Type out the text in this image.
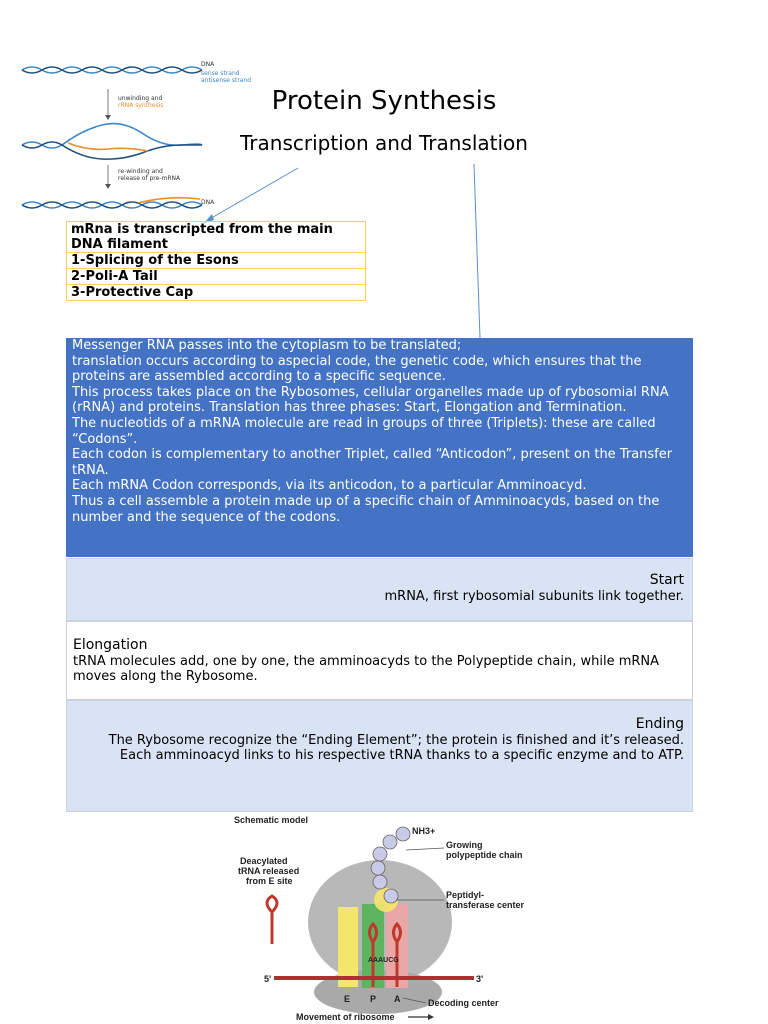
DNA
sense strand
antisense strand
unwinding and
rRNA synthesis
re-winding and
release of pre-mRNA
DNA
Protein Synthesis
Transcription and Translation
mRna is transcripted from the main DNA filament
1-Splicing of the Esons
2-Poli-A Tail
3-Protective Cap

Messenger RNA passes into the cytoplasm to be translated;

translation occurs according to aspecial code, the genetic code, which ensures that the proteins are assembled according to a specific sequence.

This process takes place on the Rybosomes, cellular organelles made up of rybosomial RNA (rRNA) and proteins. Translation has three phases: Start, Elongation and Termination.

The nucleotids of a mRNA molecule are read in groups of three (Triplets): these are called “Codons”.

Each codon is complementary to another Triplet, called “Anticodon”, present on the Transfer tRNA.

Each mRNA Codon corresponds, via its anticodon, to a particular Amminoacyd.

Thus a cell assemble a protein made up of a specific chain of Amminoacyds, based on the number and the sequence of the codons.

Start
mRNA, first rybosomial subunits link together.
Elongation
tRNA molecules add, one by one, the amminoacyds to the Polypeptide chain, while mRNA moves along the Rybosome.
Ending
The Rybosome recognize the “Ending Element”; the protein is finished and it’s released.
Each amminoacyd links to his respective tRNA thanks to a specific enzyme and to ATP.
Schematic model
NH3+
Growing
polypeptide chain
Deacylated
tRNA released
from E site
Peptidyl-
transferase center
5'	3'
AAAUCG
E P A	Decoding center
Movement of ribosome
